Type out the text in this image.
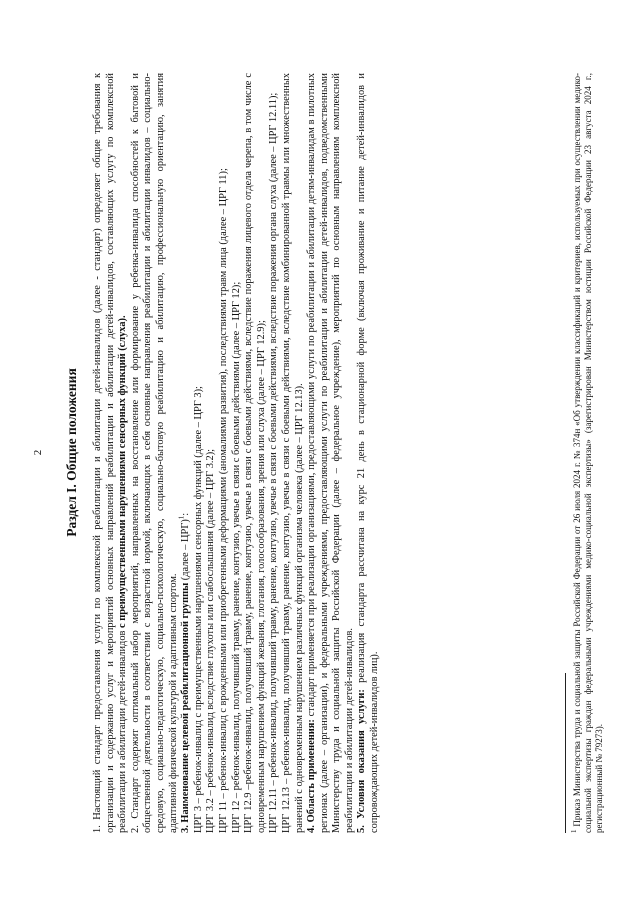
2 Раздел I. Общие положения 1. Настоящий стандарт предоставления услуги по комплексной реабилитации и абилитации детей-инвалидов (далее - стандарт) определяет общие требования к организации и содержанию услуг и мероприятий основных направлений реабилитации и абилитации детей-инвалидов, составляющих услугу по комплексной реабилитации и абилитации детей-инвалидов с преимущественными нарушениями сенсорных функций (слуха). 2. Стандарт содержит оптимальный набор мероприятий, направленных на восстановление или формирование у ребенка-инвалида способностей к бытовой и общественной деятельности в соответствии с возрастной нормой, включающих в себя основные направления реабилитации и абилитации инвалидов – социально-средовую, социально-педагогическую, социально-психологическую, социально-бытовую реабилитацию и абилитацию, профессиональную ориентацию, занятия адаптивной физической культурой и адаптивным спортом. 3. Наименование целевой реабилитационной группы (далее – ЦРГ)$^1$: ЦРГ 3 – ребенок-инвалид с преимущественными нарушениями сенсорных функций (далее – ЦРГ 3); ЦРГ 3.2 – ребенок-инвалид вследствие глухоты или слабослышания (далее – ЦРГ 3.2); ЦРГ 11 – ребенок-инвалид с врожденными или приобретенными деформациями (аномалиями развития), последствиями травм лица (далее – ЦРГ 11); ЦРГ 12 – ребенок-инвалид, получивший травму, ранение, контузию, увечье в связи с боевыми действиями (далее – ЦРГ 12); ЦРГ 12.9 –ребенок-инвалид, получивший травму, ранение, контузию, увечье в связи с боевыми действиями, вследствие поражения лицевого отдела черепа, в том числе с одновременным нарушением функций жевания, глотания, голосообразования, зрения или слуха (далее – ЦРГ 12.9); ЦРГ 12.11 – ребенок-инвалид, получивший травму, ранение, контузию, увечье в связи с боевыми действиями, вследствие поражения органа слуха (далее – ЦРГ 12.11); ЦРГ 12.13 – ребенок-инвалид, получивший травму, ранение, контузию, увечье в связи с боевыми действиями, вследствие комбинированной травмы или множественных ранений с одновременным нарушением различных функций организма человека (далее – ЦРГ 12.13). 4. Область применения: стандарт применяется при реализации организациями, предоставляющими услуги по реабилитации и абилитации детям-инвалидам в пилотных регионах (далее – организации), и федеральными учреждениями, предоставляющими услуги по реабилитации и абилитации детей-инвалидов, подведомственными Министерству труда и социальной защиты Российской Федерации (далее – федеральное учреждение), мероприятий по основным направлениям комплексной реабилитации и абилитации детей-инвалидов. 5. Условия оказания услуги: реализация стандарта рассчитана на курс 21 день в стационарной форме (включая проживание и питание детей-инвалидов и сопровождающих детей-инвалидов лиц).	$^1$ Приказ Министерства труда и социальной защиты Российской Федерации от 26 июля 2024 г. № 374н «Об утверждении классификаций и критериев, используемых при осуществлении медико-социальной экспертизы граждан федеральными учреждениями медико-социальной экспертизы» (зарегистрирован Министерством юстиции Российской Федерации 23 августа 2024 г., регистрационный № 79273).
